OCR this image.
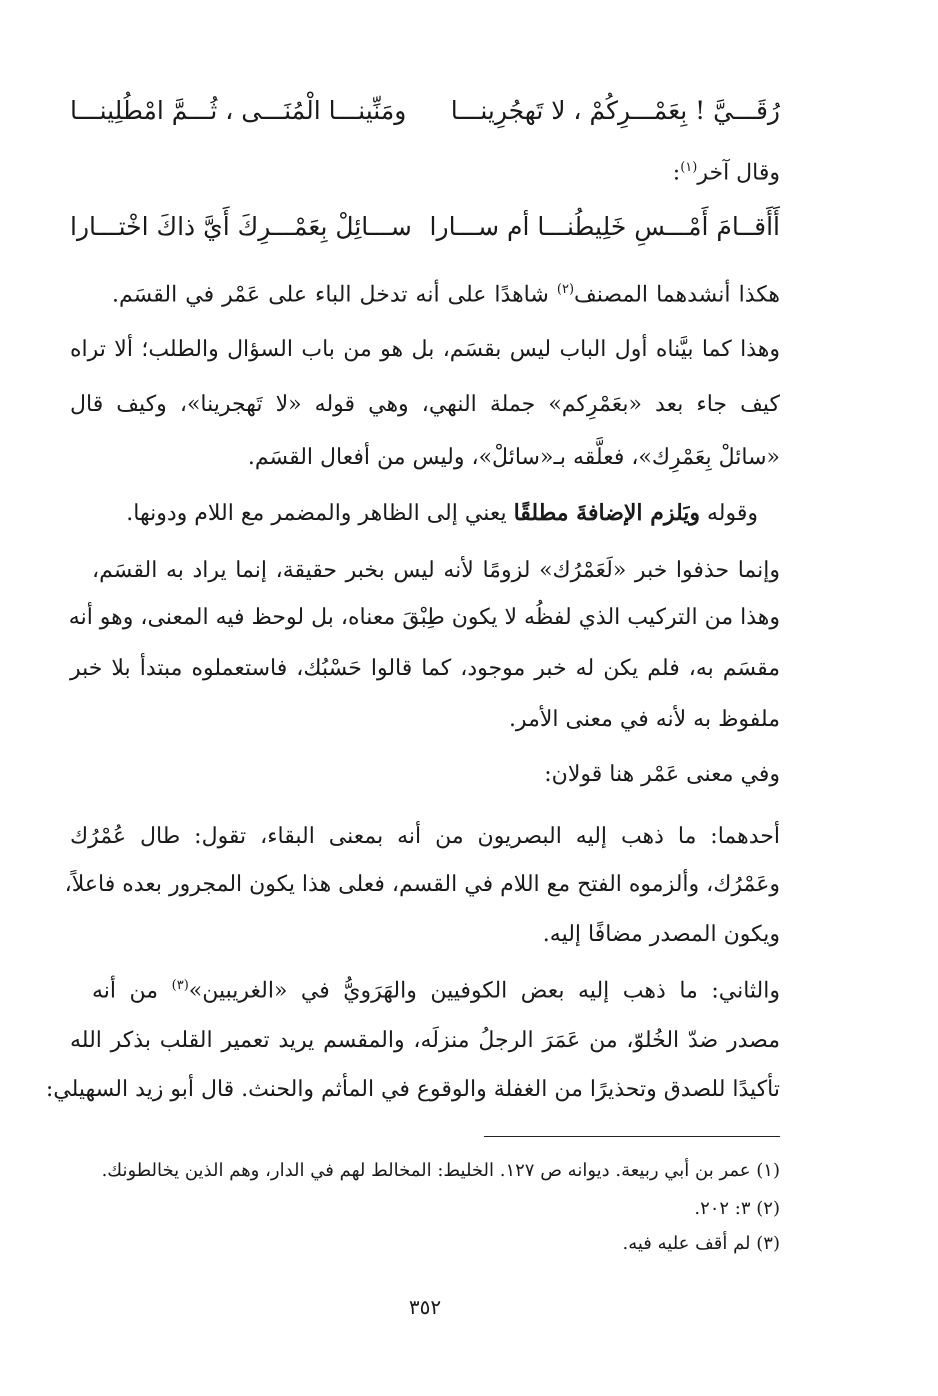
رُقَـــيَّ ! بِعَمْـــرِكُمْ ، لا تَهجُرِينـــا
ومَنِّينـــا الْمُنَـــى ، ثُـــمَّ امْطُلِينـــا
وقال آخر$^{(١)}$:
أَأَقــامَ أَمْـــسِ خَلِيطُنـــا أم ســـارا
ســـائِلْ بِعَمْـــرِكَ أَيَّ ذاكَ اخْتـــارا
هكذا أنشدهما المصنف$^{(٢)}$ شاهدًا على أنه تدخل الباء على عَمْر في القسَم.
وهذا كما بيَّناه أول الباب ليس بقسَم، بل هو من باب السؤال والطلب؛ ألا تراه
كيف جاء بعد «بعَمْرِكم» جملة النهي، وهي قوله «لا تَهجرينا»، وكيف قال
«سائلْ بِعَمْرِك»، فعلَّقه بـ«سائلْ»، وليس من أفعال القسَم.
وقوله ويَلزم الإضافةَ مطلقًا يعني إلى الظاهر والمضمر مع اللام ودونها.
وإنما حذفوا خبر «لَعَمْرُك» لزومًا لأنه ليس بخبر حقيقة، إنما يراد به القسَم،
وهذا من التركيب الذي لفظُه لا يكون طِبْقَ معناه، بل لوحظ فيه المعنى، وهو أنه
مقسَم به، فلم يكن له خبر موجود، كما قالوا حَسْبُك، فاستعملوه مبتدأ بلا خبر
ملفوظ به لأنه في معنى الأمر.
وفي معنى عَمْر هنا قولان:
أحدهما: ما ذهب إليه البصريون من أنه بمعنى البقاء، تقول: طال عُمْرُك
وعَمْرُك، وألزموه الفتح مع اللام في القسم، فعلى هذا يكون المجرور بعده فاعلاً،
ويكون المصدر مضافًا إليه.
والثاني: ما ذهب إليه بعض الكوفيين والهَرَويُّ في «الغريبين»$^{(٣)}$ من أنه
مصدر ضدّ الخُلوّ، من عَمَرَ الرجلُ منزلَه، والمقسم يريد تعمير القلب بذكر الله
تأكيدًا للصدق وتحذيرًا من الغفلة والوقوع في المأثم والحنث. قال أبو زيد السهيلي:
(١) عمر بن أبي ربيعة. ديوانه ص ١٢٧. الخليط: المخالط لهم في الدار، وهم الذين يخالطونك.
(٢) ٣: ٢٠٢.
(٣) لم أقف عليه فيه.
٣٥٢
